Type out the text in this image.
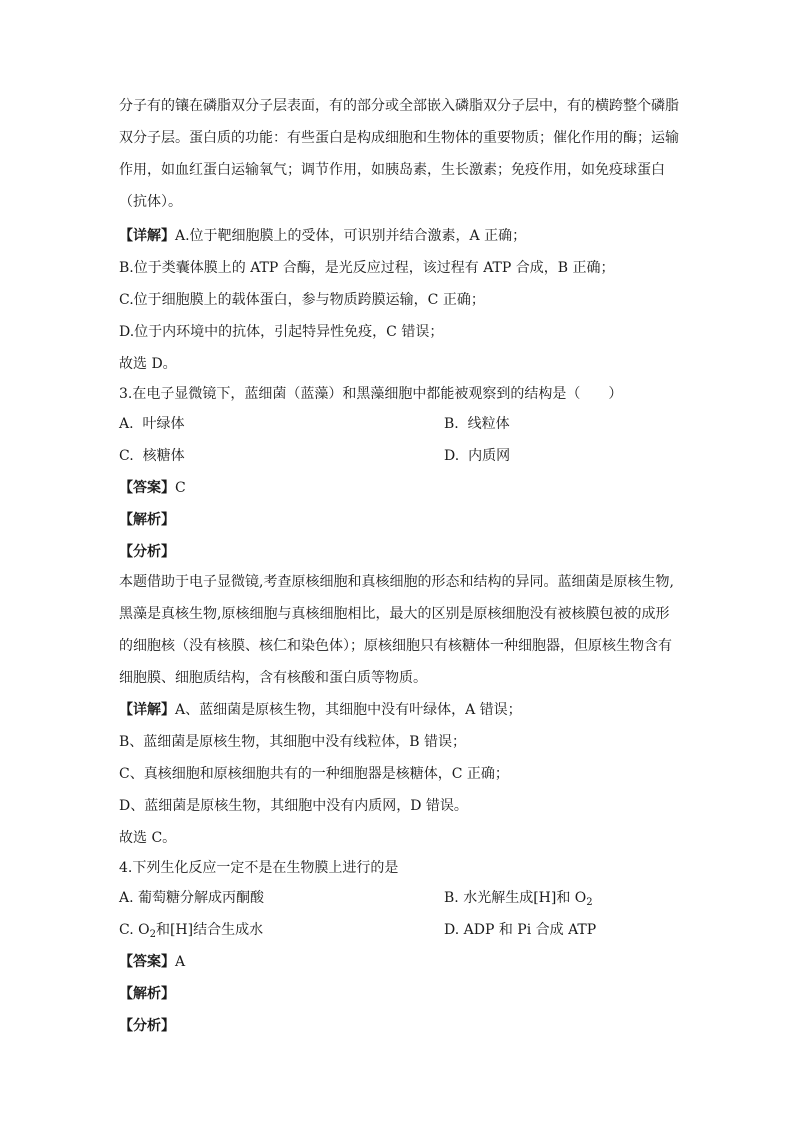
分子有的镶在磷脂双分子层表面，有的部分或全部嵌入磷脂双分子层中，有的横跨整个磷脂
双分子层。蛋白质的功能：有些蛋白是构成细胞和生物体的重要物质；催化作用的酶；运输
作用，如血红蛋白运输氧气；调节作用，如胰岛素，生长激素；免疫作用，如免疫球蛋白
（抗体）。
【详解】A.位于靶细胞膜上的受体，可识别并结合激素，A 正确；
B.位于类囊体膜上的 ATP 合酶，是光反应过程，该过程有 ATP 合成，B 正确；
C.位于细胞膜上的载体蛋白，参与物质跨膜运输，C 正确；
D.位于内环境中的抗体，引起特异性免疫，C 错误；
故选 D。
3.在电子显微镜下，蓝细菌（蓝藻）和黑藻细胞中都能被观察到的结构是（　　）
A. 叶绿体	B. 线粒体
C. 核糖体	D. 内质网
【答案】C
【解析】
【分析】
本题借助于电子显微镜,考查原核细胞和真核细胞的形态和结构的异同。蓝细菌是原核生物,
黑藻是真核生物,原核细胞与真核细胞相比，最大的区别是原核细胞没有被核膜包被的成形
的细胞核（没有核膜、核仁和染色体）；原核细胞只有核糖体一种细胞器，但原核生物含有
细胞膜、细胞质结构，含有核酸和蛋白质等物质。
【详解】A、蓝细菌是原核生物，其细胞中没有叶绿体，A 错误；
B、蓝细菌是原核生物，其细胞中没有线粒体，B 错误；
C、真核细胞和原核细胞共有的一种细胞器是核糖体，C 正确；
D、蓝细菌是原核生物，其细胞中没有内质网，D 错误。
故选 C。
4.下列生化反应一定不是在生物膜上进行的是
A. 葡萄糖分解成丙酮酸	B. 水光解生成[H]和 $O_2$
C. $O_2$和[H]结合生成水	D. ADP 和 Pi 合成 ATP
【答案】A
【解析】
【分析】
